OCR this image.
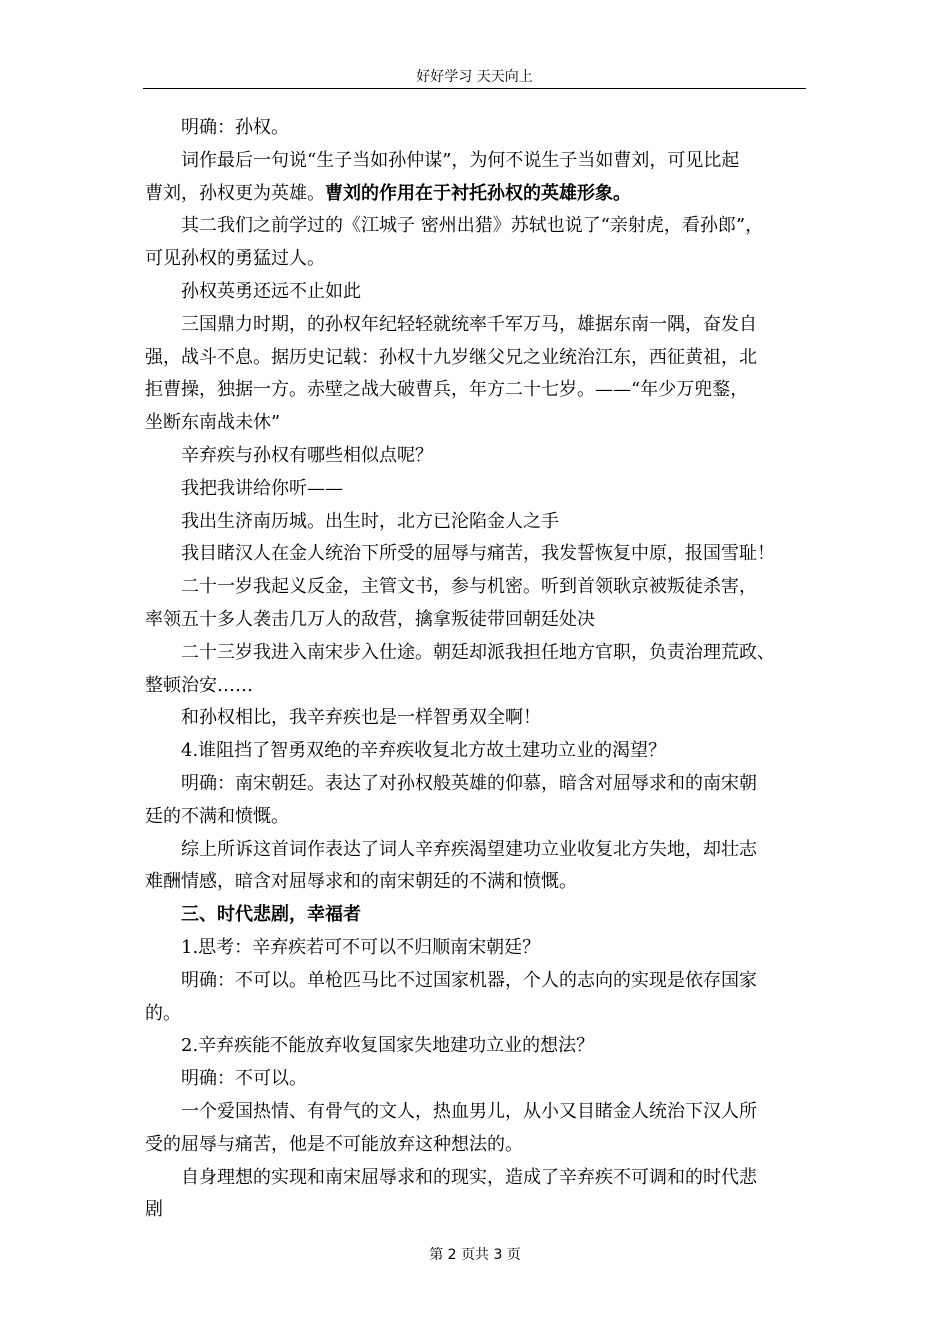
好好学习 天天向上

明确：孙权。

词作最后一句说“生子当如孙仲谋”，为何不说生子当如曹刘，可见比起
曹刘，孙权更为英雄。曹刘的作用在于衬托孙权的英雄形象。

其二我们之前学过的《江城子 密州出猎》苏轼也说了“亲射虎，看孙郎”，
可见孙权的勇猛过人。

孙权英勇还远不止如此

三国鼎力时期，的孙权年纪轻轻就统率千军万马，雄据东南一隅，奋发自
强，战斗不息。据历史记载：孙权十九岁继父兄之业统治江东，西征黄祖，北
拒曹操，独据一方。赤壁之战大破曹兵，年方二十七岁。——“年少万兜鍪，
坐断东南战未休”

辛弃疾与孙权有哪些相似点呢？

我把我讲给你听——

我出生济南历城。出生时，北方已沦陷金人之手

我目睹汉人在金人统治下所受的屈辱与痛苦，我发誓恢复中原，报国雪耻！

二十一岁我起义反金，主管文书，参与机密。听到首领耿京被叛徒杀害，
率领五十多人袭击几万人的敌营，擒拿叛徒带回朝廷处决

二十三岁我进入南宋步入仕途。朝廷却派我担任地方官职，负责治理荒政、
整顿治安……

和孙权相比，我辛弃疾也是一样智勇双全啊！

4.谁阻挡了智勇双绝的辛弃疾收复北方故土建功立业的渴望？

明确：南宋朝廷。表达了对孙权般英雄的仰慕，暗含对屈辱求和的南宋朝
廷的不满和愤慨。

综上所诉这首词作表达了词人辛弃疾渴望建功立业收复北方失地，却壮志
难酬情感，暗含对屈辱求和的南宋朝廷的不满和愤慨。

三、时代悲剧，幸福者

1.思考：辛弃疾若可不可以不归顺南宋朝廷？

明确：不可以。单枪匹马比不过国家机器，个人的志向的实现是依存国家
的。

2.辛弃疾能不能放弃收复国家失地建功立业的想法？

明确：不可以。

一个爱国热情、有骨气的文人，热血男儿，从小又目睹金人统治下汉人所
受的屈辱与痛苦，他是不可能放弃这种想法的。

自身理想的实现和南宋屈辱求和的现实，造成了辛弃疾不可调和的时代悲
剧

第 2 页共 3 页
